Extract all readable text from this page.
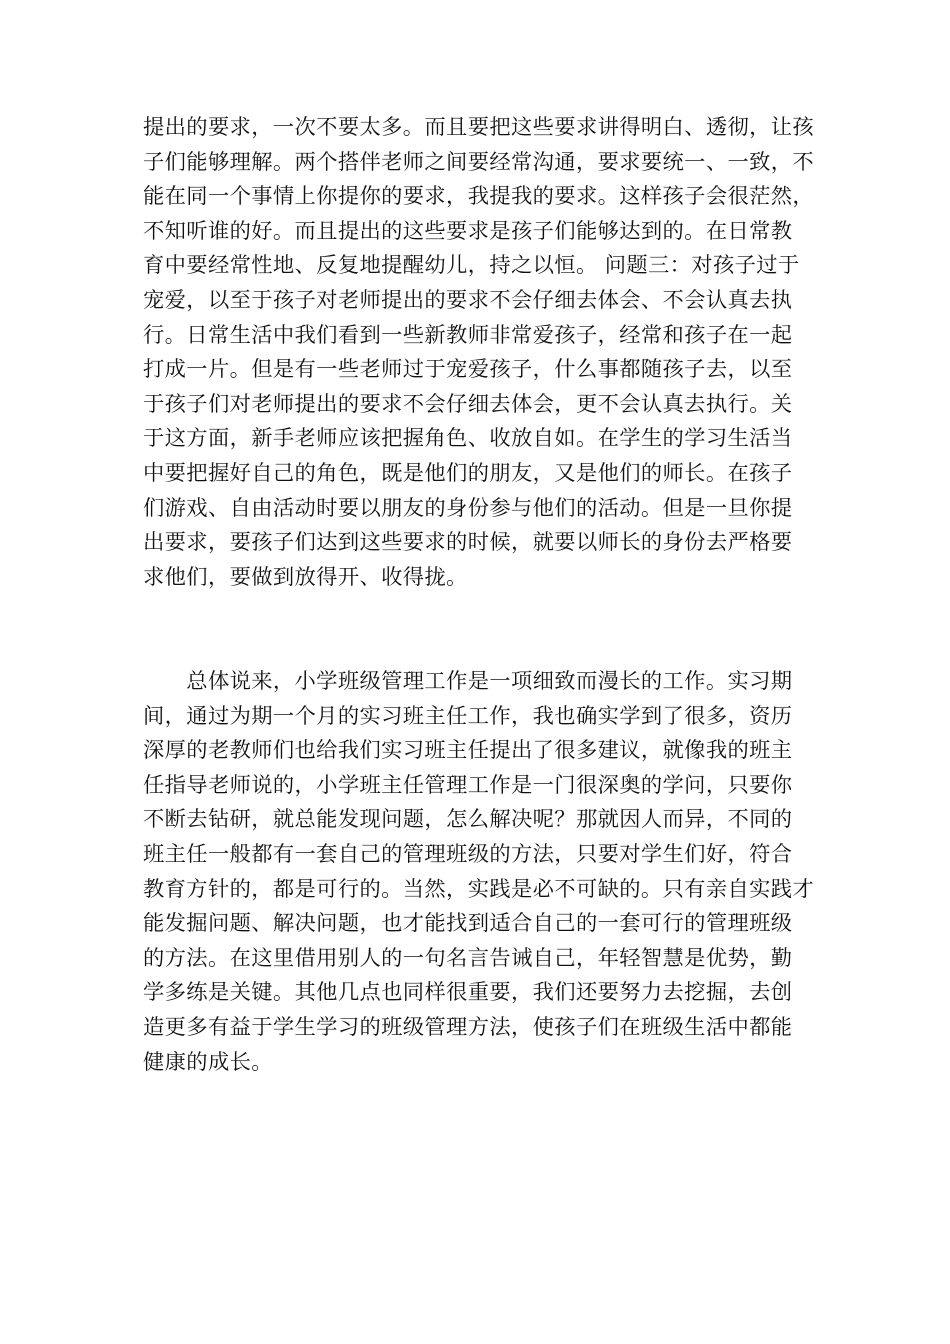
提出的要求，一次不要太多。而且要把这些要求讲得明白、透彻，让孩
子们能够理解。两个搭伴老师之间要经常沟通，要求要统一、一致，不
能在同一个事情上你提你的要求，我提我的要求。这样孩子会很茫然，
不知听谁的好。而且提出的这些要求是孩子们能够达到的。在日常教
育中要经常性地、反复地提醒幼儿，持之以恒。 问题三：对孩子过于
宠爱，以至于孩子对老师提出的要求不会仔细去体会、不会认真去执
行。日常生活中我们看到一些新教师非常爱孩子，经常和孩子在一起
打成一片。但是有一些老师过于宠爱孩子，什么事都随孩子去，以至
于孩子们对老师提出的要求不会仔细去体会，更不会认真去执行。关
于这方面，新手老师应该把握角色、收放自如。在学生的学习生活当
中要把握好自己的角色，既是他们的朋友，又是他们的师长。在孩子
们游戏、自由活动时要以朋友的身份参与他们的活动。但是一旦你提
出要求，要孩子们达到这些要求的时候，就要以师长的身份去严格要
求他们，要做到放得开、收得拢。
　　总体说来，小学班级管理工作是一项细致而漫长的工作。实习期
间，通过为期一个月的实习班主任工作，我也确实学到了很多，资历
深厚的老教师们也给我们实习班主任提出了很多建议，就像我的班主
任指导老师说的，小学班主任管理工作是一门很深奥的学问，只要你
不断去钻研，就总能发现问题，怎么解决呢？那就因人而异，不同的
班主任一般都有一套自己的管理班级的方法，只要对学生们好，符合
教育方针的，都是可行的。当然，实践是必不可缺的。只有亲自实践才
能发掘问题、解决问题，也才能找到适合自己的一套可行的管理班级
的方法。在这里借用别人的一句名言告诫自己，年轻智慧是优势，勤
学多练是关键。其他几点也同样很重要，我们还要努力去挖掘，去创
造更多有益于学生学习的班级管理方法，使孩子们在班级生活中都能
健康的成长。
